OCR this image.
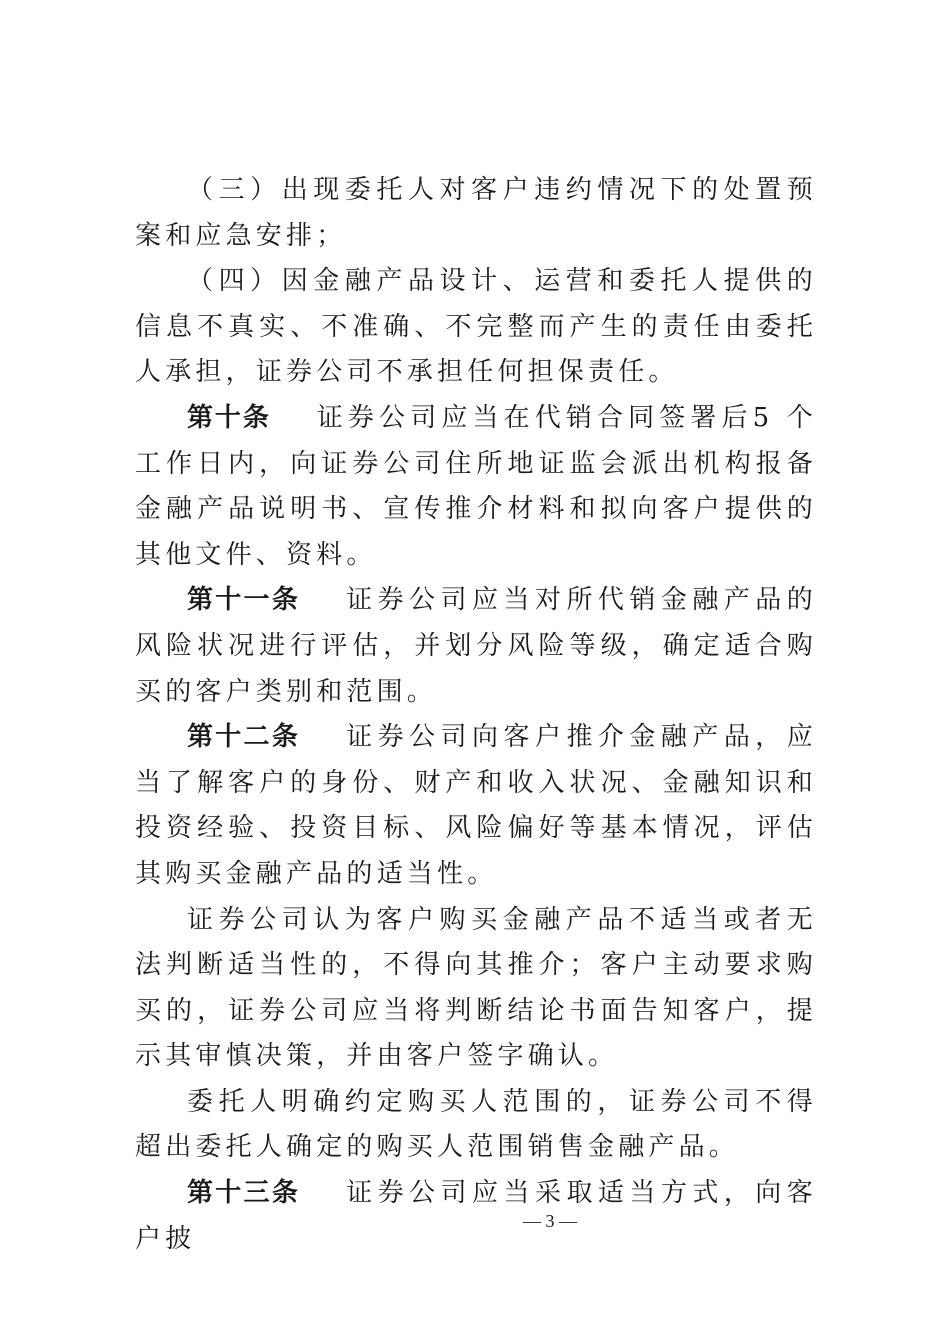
（三）出现委托人对客户违约情况下的处置预案和应急安排；

（四）因金融产品设计、运营和委托人提供的信息不真实、不准确、不完整而产生的责任由委托人承担，证券公司不承担任何担保责任。

第十条 证券公司应当在代销合同签署后5 个工作日内，向证券公司住所地证监会派出机构报备金融产品说明书、宣传推介材料和拟向客户提供的其他文件、资料。

第十一条 证券公司应当对所代销金融产品的风险状况进行评估，并划分风险等级，确定适合购买的客户类别和范围。

第十二条 证券公司向客户推介金融产品，应当了解客户的身份、财产和收入状况、金融知识和投资经验、投资目标、风险偏好等基本情况，评估其购买金融产品的适当性。

证券公司认为客户购买金融产品不适当或者无法判断适当性的，不得向其推介；客户主动要求购买的，证券公司应当将判断结论书面告知客户，提示其审慎决策，并由客户签字确认。

委托人明确约定购买人范围的，证券公司不得超出委托人确定的购买人范围销售金融产品。

第十三条 证券公司应当采取适当方式，向客户披

— 3 —
